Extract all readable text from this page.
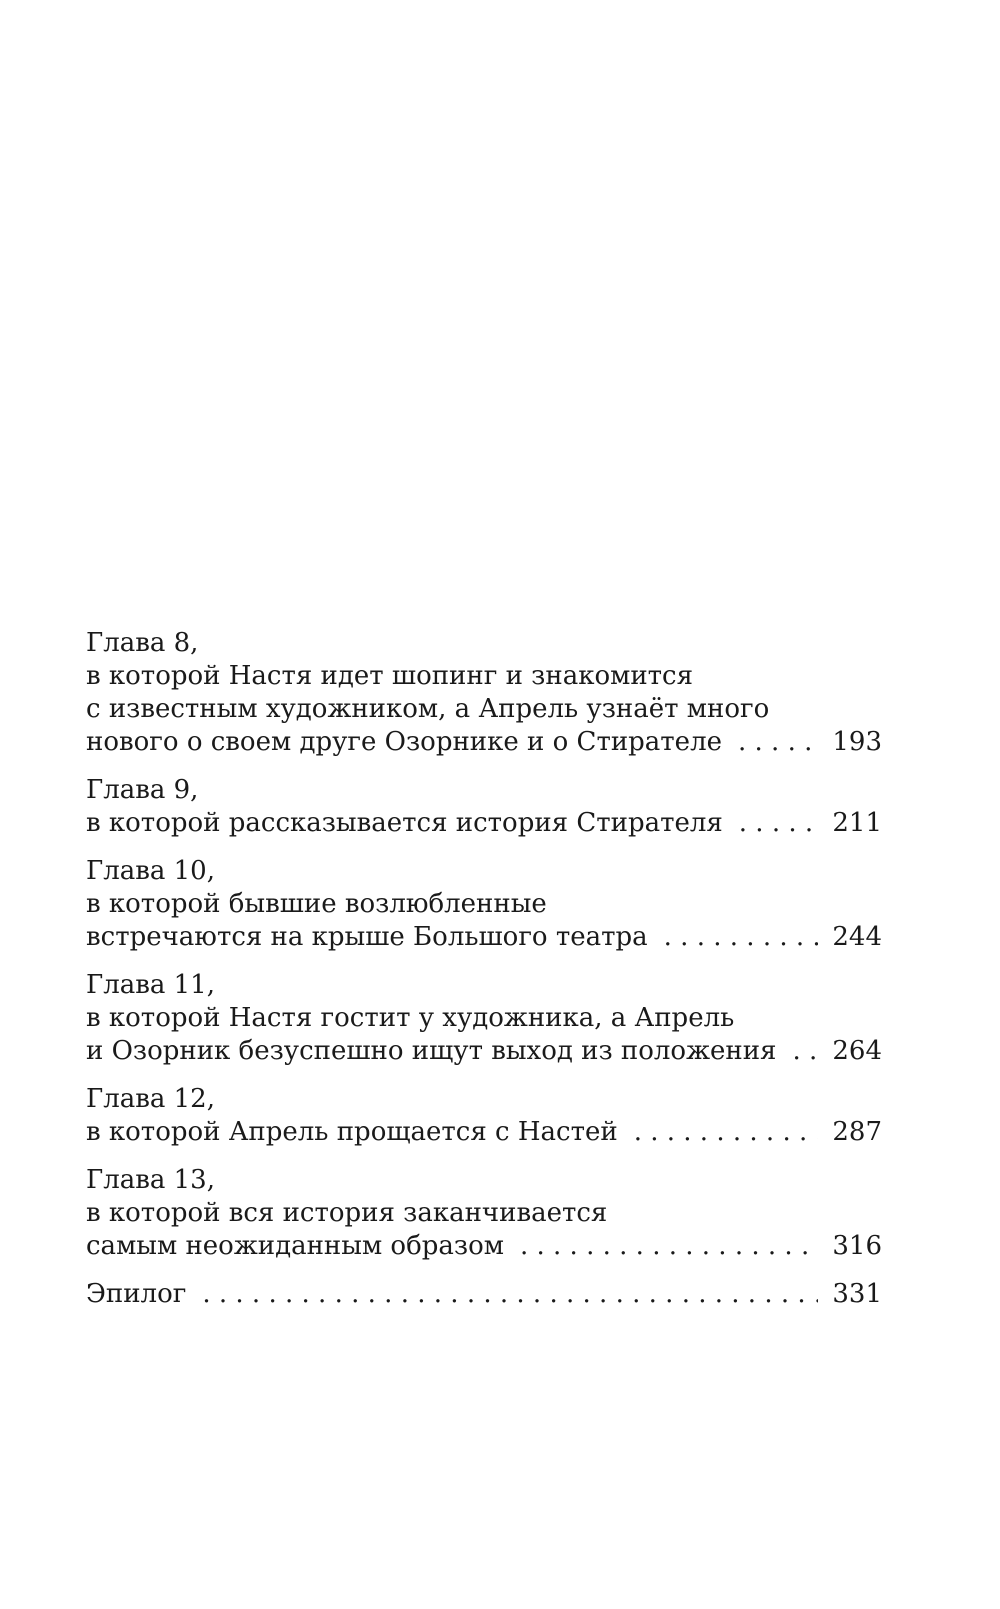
Глава 8,
в которой Настя идет шопинг и знакомится
с известным художником, а Апрель узнаёт много
нового о своем друге Озорнике и о Стирателе . . .	193
Глава 9,
в которой рассказывается история Стирателя . . .	211
Глава 10,
в которой бывшие возлюбленные
встречаются на крыше Большого театра . . .	244
Глава 11,
в которой Настя гостит у художника, а Апрель
и Озорник безуспешно ищут выход из положения . . . 264
Глава 12,
в которой Апрель прощается с Настей . . .	287
Глава 13,
в которой вся история заканчивается
самым неожиданным образом . . .	316
Эпилог . . .	331
